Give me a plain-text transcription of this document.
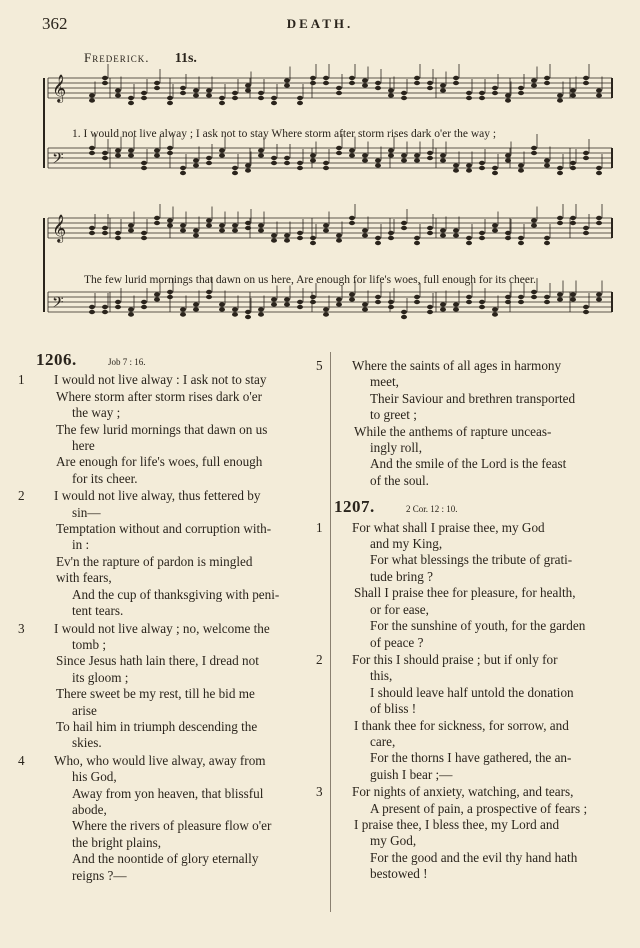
362	DEATH.
Frederick. 11s.
𝄞
𝄢
𝄞
𝄢
1. I would not live alway ; I ask not to stay Where storm after storm rises dark o'er the way ;
The few lurid mornings that dawn on us here, Are enough for life's woes, full enough for its cheer.
1206.	Job 7 : 16.
1 I would not live alway : I ask not to stay
Where storm after storm rises dark o'er
the way ;
The few lurid mornings that dawn on us
here
Are enough for life's woes, full enough
for its cheer.
2 I would not live alway, thus fettered by
sin—
Temptation without and corruption with-
in :
Ev'n the rapture of pardon is mingled
with fears,
And the cup of thanksgiving with peni-
tent tears.
3 I would not live alway ; no, welcome the
tomb ;
Since Jesus hath lain there, I dread not
its gloom ;
There sweet be my rest, till he bid me
arise
To hail him in triumph descending the
skies.
4 Who, who would live alway, away from
his God,
Away from yon heaven, that blissful
abode,
Where the rivers of pleasure flow o'er
the bright plains,
And the noontide of glory eternally
reigns ?—
5 Where the saints of all ages in harmony
meet,
Their Saviour and brethren transported
to greet ;
While the anthems of rapture unceas-
ingly roll,
And the smile of the Lord is the feast
of the soul.
1207.	2 Cor. 12 : 10.
1 For what shall I praise thee, my God
and my King,
For what blessings the tribute of grati-
tude bring ?
Shall I praise thee for pleasure, for health,
or for ease,
For the sunshine of youth, for the garden
of peace ?
2 For this I should praise ; but if only for
this,
I should leave half untold the donation
of bliss !
I thank thee for sickness, for sorrow, and
care,
For the thorns I have gathered, the an-
guish I bear ;—
3 For nights of anxiety, watching, and tears,
A present of pain, a prospective of fears ;
I praise thee, I bless thee, my Lord and
my God,
For the good and the evil thy hand hath
bestowed !
